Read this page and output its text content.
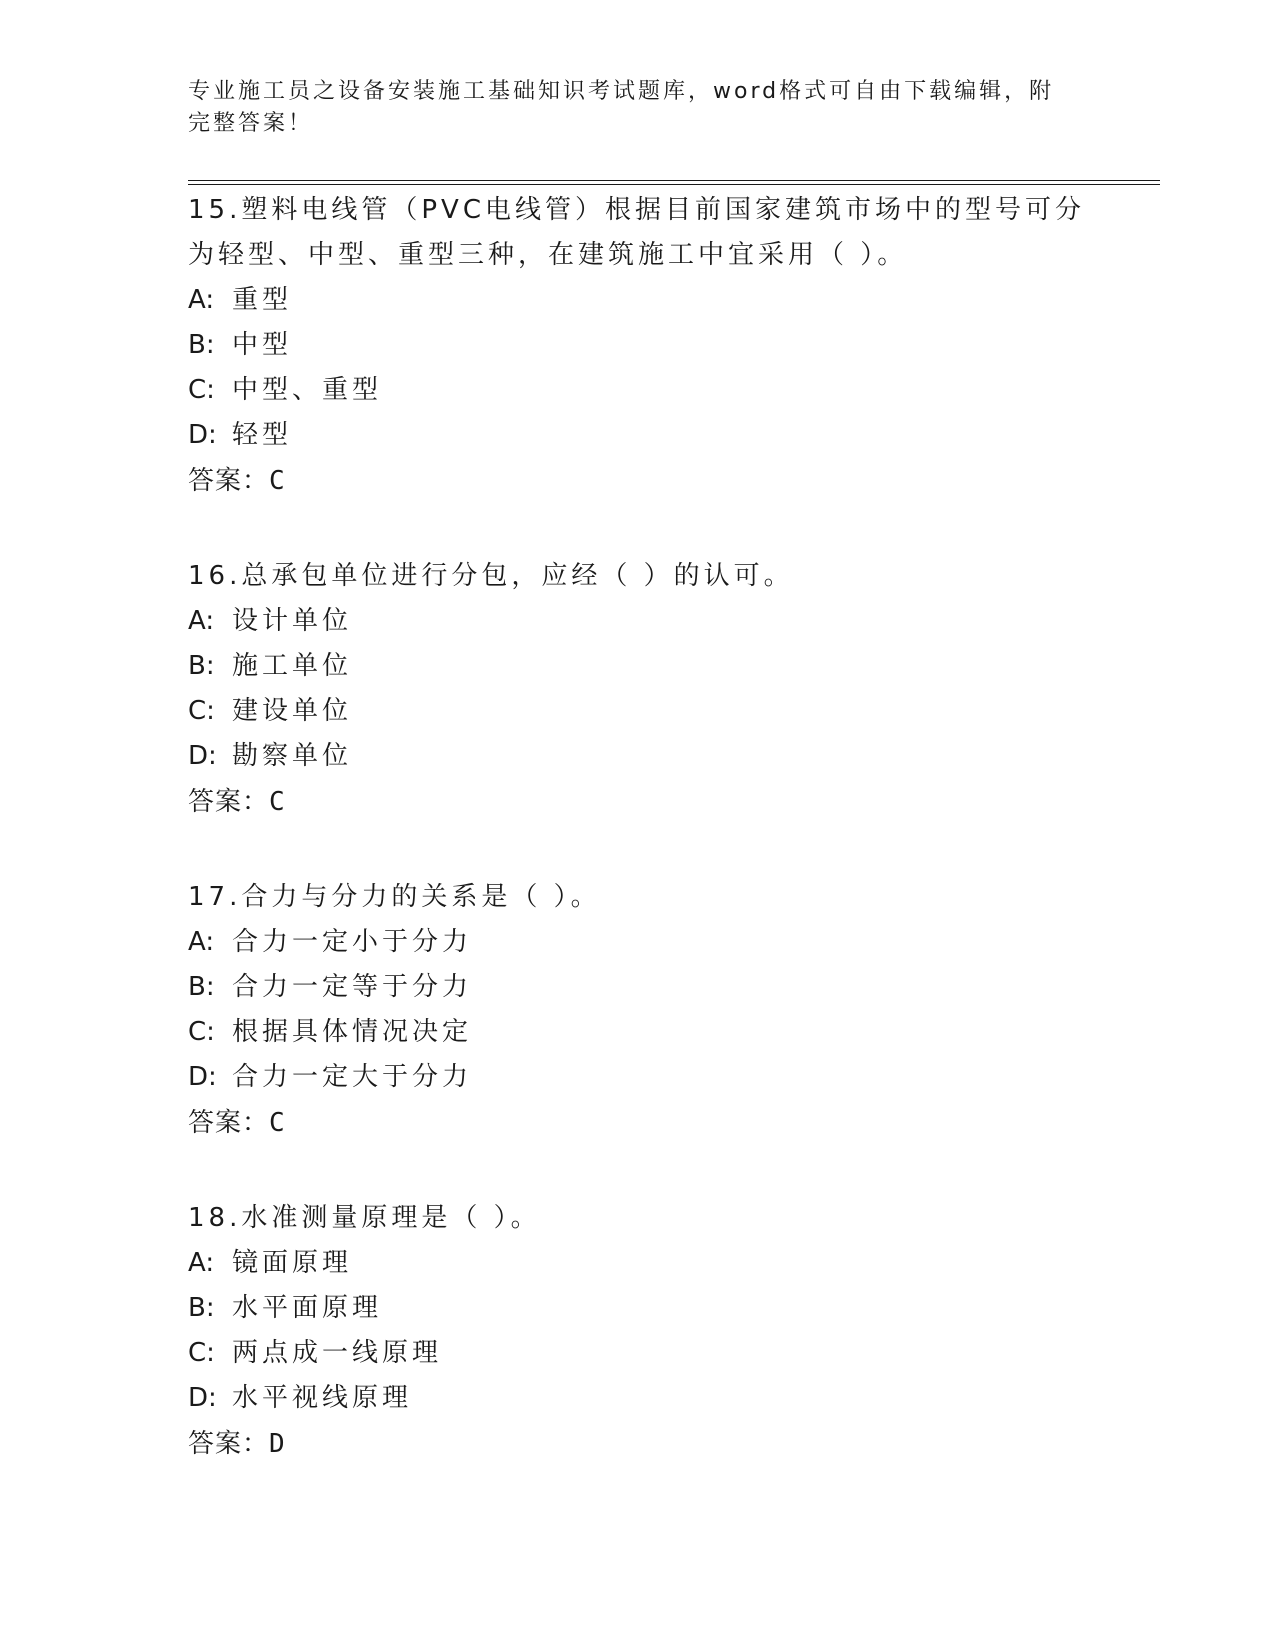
专业施工员之设备安装施工基础知识考试题库，word格式可自由下载编辑，附完整答案！

15.塑料电线管（PVC电线管）根据目前国家建筑市场中的型号可分为轻型、中型、重型三种，在建筑施工中宜采用（ ）。

A: 重型

B: 中型

C: 中型、重型

D: 轻型

答案：C

16.总承包单位进行分包，应经（ ）的认可。

A: 设计单位

B: 施工单位

C: 建设单位

D: 勘察单位

答案：C

17.合力与分力的关系是（ ）。

A: 合力一定小于分力

B: 合力一定等于分力

C: 根据具体情况决定

D: 合力一定大于分力

答案：C

18.水准测量原理是（ ）。

A: 镜面原理

B: 水平面原理

C: 两点成一线原理

D: 水平视线原理

答案：D
